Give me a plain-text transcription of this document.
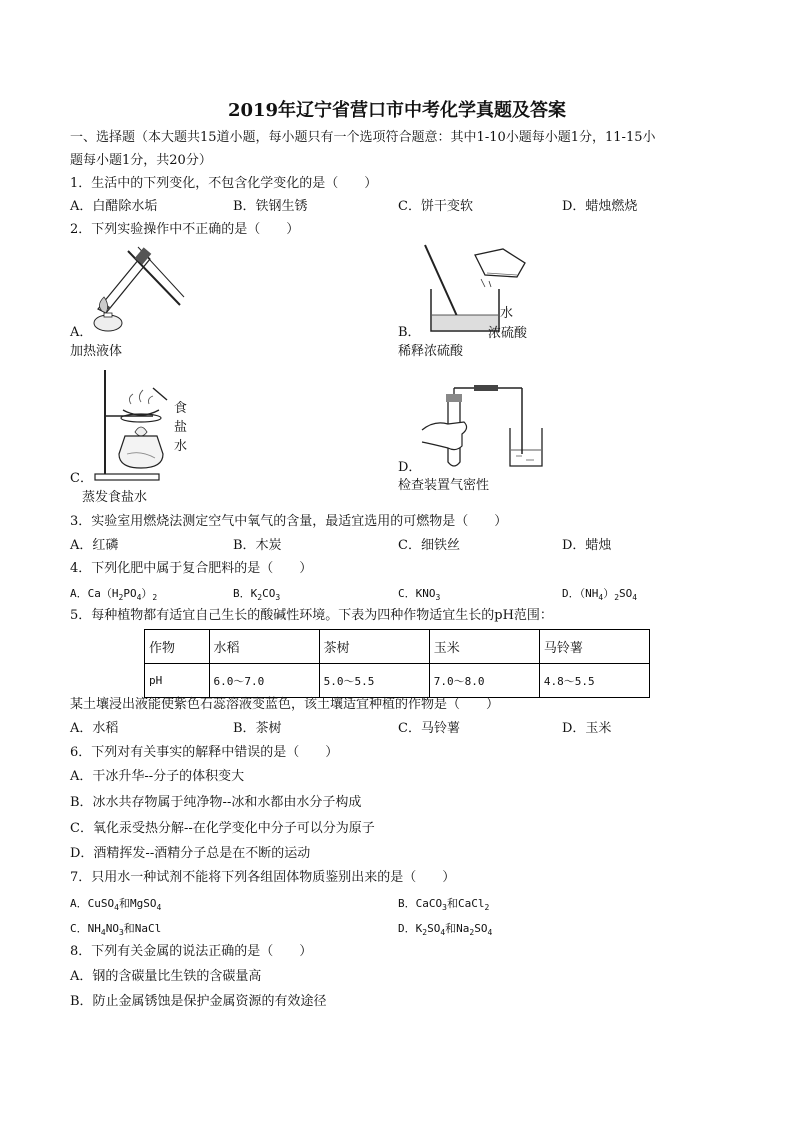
2019年辽宁省营口市中考化学真题及答案
一、选择题（本大题共15道小题，每小题只有一个选项符合题意：其中1-10小题每小题1分，11-15小
题每小题1分，共20分）
1．生活中的下列变化，不包含化学变化的是（　　）
A．白醋除水垢	B．铁钢生锈	C．饼干变软	D．蜡烛燃烧
2．下列实验操作中不正确的是（　　）
A．
加热液体
水
浓硫酸
B．
稀释浓硫酸
食
盐
水
C．
蒸发食盐水
D．
检查装置气密性
3．实验室用燃烧法测定空气中氧气的含量，最适宜选用的可燃物是（　　）
A．红磷	B．木炭	C．细铁丝	D．蜡烛
4．下列化肥中属于复合肥料的是（　　）
A．$Ca(H_2PO_4)_2$	B．$K_2CO_3$	C．$KNO_3$	D．$(NH_4)_2SO_4$
5．每种植物都有适宜自己生长的酸碱性环境。下表为四种作物适宜生长的pH范围：
作物	水稻	茶树	玉米	马铃薯
pH	6.0～7.0	5.0～5.5	7.0～8.0	4.8～5.5
某土壤浸出液能使紫色石蕊溶液变蓝色，该土壤适宜种植的作物是（　　）
A．水稻	B．茶树	C．马铃薯	D．玉米
6．下列对有关事实的解释中错误的是（　　）
A．干冰升华--分子的体积变大
B．冰水共存物属于纯净物--冰和水都由水分子构成
C．氧化汞受热分解--在化学变化中分子可以分为原子
D．酒精挥发--酒精分子总是在不断的运动
7．只用水一种试剂不能将下列各组固体物质鉴别出来的是（　　）
A．CuSO$_4$和MgSO$_4$	B．CaCO$_3$和CaCl$_2$
C．$NH_4NO_3$和NaCl	D．$K_2SO_4$和$Na_2SO_4$
8．下列有关金属的说法正确的是（　　）
A．钢的含碳量比生铁的含碳量高
B．防止金属锈蚀是保护金属资源的有效途径
